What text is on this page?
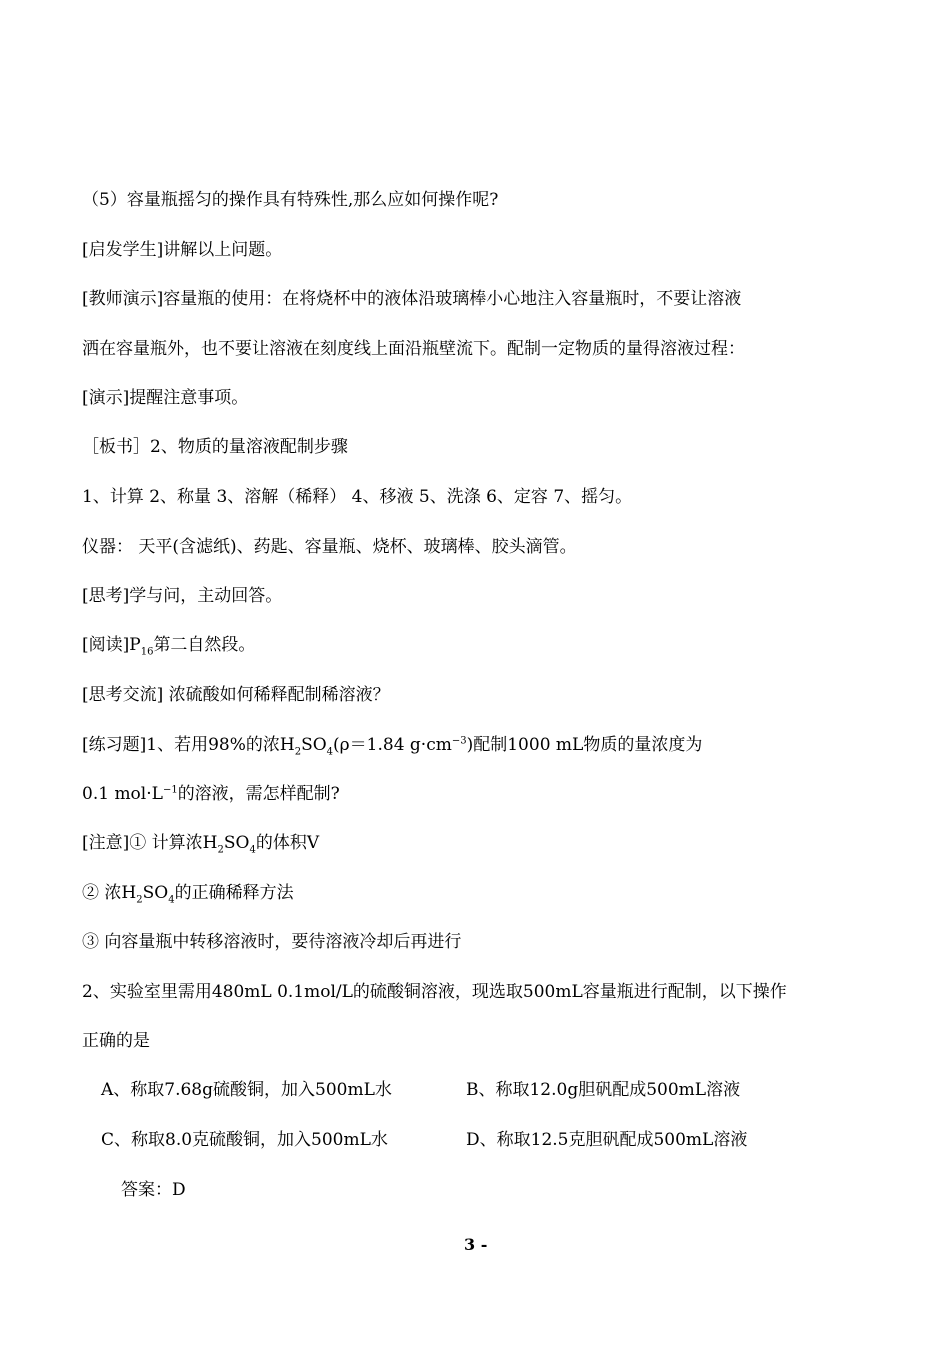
（5）容量瓶摇匀的操作具有特殊性,那么应如何操作呢?
[启发学生]讲解以上问题。
[教师演示]容量瓶的使用：在将烧杯中的液体沿玻璃棒小心地注入容量瓶时，不要让溶液
洒在容量瓶外，也不要让溶液在刻度线上面沿瓶壁流下。配制一定物质的量得溶液过程：
[演示]提醒注意事项。
［板书］2、物质的量溶液配制步骤
1、计算 2、称量 3、溶解（稀释） 4、移液 5、洗涤 6、定容 7、摇匀。
仪器： 天平(含滤纸)、药匙、容量瓶、烧杯、玻璃棒、胶头滴管。
[思考]学与问，主动回答。
[阅读]$P_{16}$第二自然段。
[思考交流] 浓硫酸如何稀释配制稀溶液？
[练习题]1、若用98%的浓$H_2SO_4(\rho=1.84$ $g\cdot cm^{-3}$)配制1000 mL物质的量浓度为
0.1 $mol\cdot L^{-1}$的溶液，需怎样配制?
[注意]① 计算浓$H_2SO_4$的体积V
② 浓$H_2SO_4$的正确稀释方法
③ 向容量瓶中转移溶液时，要待溶液冷却后再进行
2、实验室里需用480mL 0.1mol/L的硫酸铜溶液，现选取500mL容量瓶进行配制，以下操作
正确的是
A、称取7.68g硫酸铜，加入500mL水	B、称取12.0g胆矾配成500mL溶液
C、称取8.0克硫酸铜，加入500mL水	D、称取12.5克胆矾配成500mL溶液
答案：D
3 -
